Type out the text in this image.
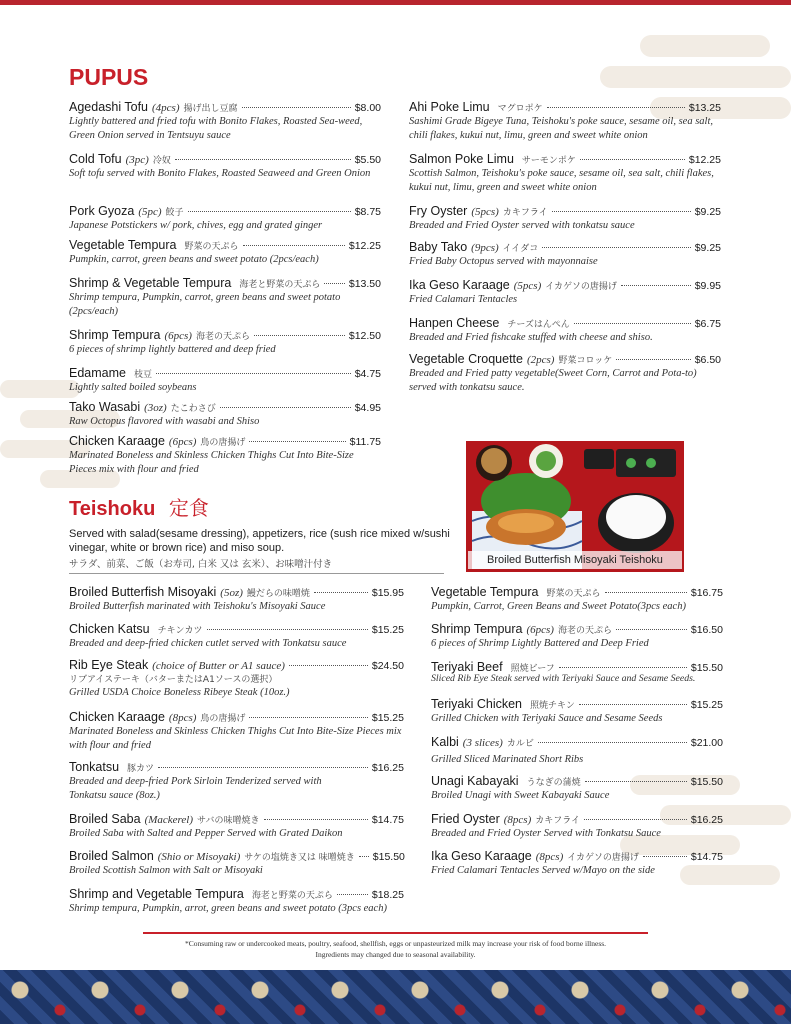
PUPUS
Agedashi Tofu (4pcs) 揚げ出し豆腐	$8.00
Lightly battered and fried tofu with Bonito Flakes, Roasted Sea-weed, Green Onion served in Tentsuyu sauce
Cold Tofu (3pc) 冷奴	$5.50
Soft tofu served with Bonito Flakes, Roasted Seaweed and Green Onion
Pork Gyoza (5pc) 餃子	$8.75
Japanese Potstickers w/ pork, chives, egg and grated ginger
Vegetable Tempura 野菜の天ぷら	$12.25
Pumpkin, carrot, green beans and sweet potato (2pcs/each)
Shrimp & Vegetable Tempura 海老と野菜の天ぷら	$13.50
Shrimp tempura, Pumpkin, carrot, green beans and sweet potato (2pcs/each)
Shrimp Tempura (6pcs) 海老の天ぷら	$12.50
6 pieces of shrimp lightly battered and deep fried
Edamame 枝豆	$4.75
Lightly salted boiled soybeans
Tako Wasabi (3oz) たこわさび	$4.95
Raw Octopus flavored with wasabi and Shiso
Chicken Karaage (6pcs) 鳥の唐揚げ	$11.75
Marinated Boneless and Skinless Chicken Thighs Cut Into Bite-Size Pieces mix with flour and fried
Ahi Poke Limu マグロポケ	$13.25
Sashimi Grade Bigeye Tuna, Teishoku's poke sauce, sesame oil, sea salt, chili flakes, kukui nut, limu, green and sweet white onion
Salmon Poke Limu サーモンポケ	$12.25
Scottish Salmon, Teishoku's poke sauce, sesame oil, sea salt, chili flakes, kukui nut, limu, green and sweet white onion
Fry Oyster (5pcs) カキフライ	$9.25
Breaded and Fried Oyster served with tonkatsu sauce
Baby Tako (9pcs) イイダコ	$9.25
Fried Baby Octopus served with mayonnaise
Ika Geso Karaage (5pcs) イカゲソの唐揚げ	$9.95
Fried Calamari Tentacles
Hanpen Cheese チーズはんぺん	$6.75
Breaded and Fried fishcake stuffed with cheese and shiso.
Vegetable Croquette (2pcs) 野菜コロッケ	$6.50
Breaded and Fried patty vegetable(Sweet Corn, Carrot and Pota-to) served with tonkatsu sauce.
Broiled Butterfish Misoyaki Teishoku
Teishoku 定食
Served with salad(sesame dressing), appetizers, rice (sush rice mixed w/sushi vinegar, white or brown rice) and miso soup.
サラダ、前菜、ご飯（お寿司, 白米 又は 玄米）、お味噌汁付き
Broiled Butterfish Misoyaki (5oz) 鰻だらの味噌焼	$15.95
Broiled Butterfish marinated with Teishoku's Misoyaki Sauce
Chicken Katsu チキンカツ	$15.25
Breaded and deep-fried chicken cutlet served with Tonkatsu sauce
Rib Eye Steak (choice of Butter or A1 sauce)	$24.50
リブアイステーキ（バターまたはA1ソースの選択）
Grilled USDA Choice Boneless Ribeye Steak (10oz.)
Chicken Karaage (8pcs) 鳥の唐揚げ	$15.25
Marinated Boneless and Skinless Chicken Thighs Cut Into Bite-Size Pieces mix with flour and fried
Tonkatsu 豚カツ	$16.25
Breaded and deep-fried Pork Sirloin Tenderized served with Tonkatsu sauce (8oz.)
Broiled Saba (Mackerel) サバの味噌焼き	$14.75
Broiled Saba with Salted and Pepper Served with Grated Daikon
Broiled Salmon (Shio or Misoyaki) サケの塩焼き又は 味噌焼き $15.50
Broiled Scottish Salmon with Salt or Misoyaki
Shrimp and Vegetable Tempura 海老と野菜の天ぷら	$18.25
Shrimp tempura, Pumpkin, arrot, green beans and sweet potato (3pcs each)
Vegetable Tempura 野菜の天ぷら	$16.75
Pumpkin, Carrot, Green Beans and Sweet Potato(3pcs each)
Shrimp Tempura (6pcs) 海老の天ぷら	$16.50
6 pieces of Shrimp Lightly Battered and Deep Fried
Teriyaki Beef 照焼ビーフ	$15.50
Sliced Rib Eye Steak served with Teriyaki Sauce and Sesame Seeds.
Teriyaki Chicken 照焼チキン	$15.25
Grilled Chicken with Teriyaki Sauce and Sesame Seeds
Kalbi (3 slices) カルビ	$21.00
Grilled Sliced Marinated Short Ribs
Unagi Kabayaki うなぎの蒲焼	$15.50
Broiled Unagi with Sweet Kabayaki Sauce
Fried Oyster (8pcs) カキフライ	$16.25
Breaded and Fried Oyster Served with Tonkatsu Sauce
Ika Geso Karaage (8pcs) イカゲソの唐揚げ	$14.75
Fried Calamari Tentacles Served w/Mayo on the side
*Consuming raw or undercooked meats, poultry, seafood, shellfish, eggs or unpasteurized milk may increase your risk of food borne illness.
Ingredients may changed due to seasonal availability.
